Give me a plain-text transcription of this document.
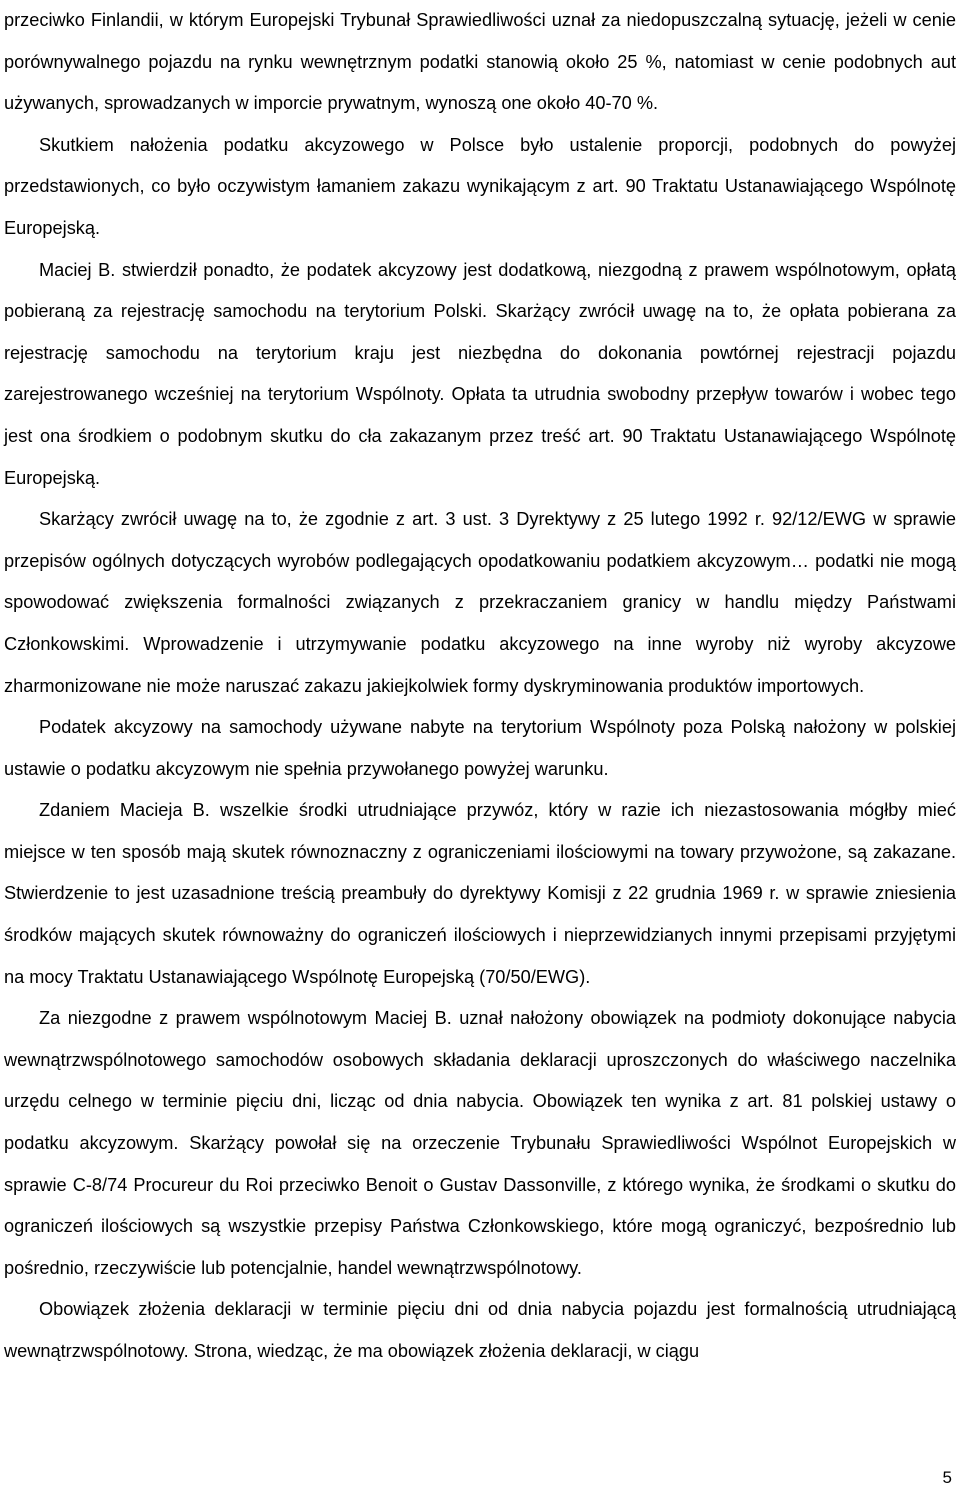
przeciwko Finlandii, w którym Europejski Trybunał Sprawiedliwości uznał za niedopuszczalną sytuację, jeżeli w cenie porównywalnego pojazdu na rynku wewnętrznym podatki stanowią około 25 %, natomiast w cenie podobnych aut używanych, sprowadzanych w imporcie prywatnym, wynoszą one około 40-70 %.

Skutkiem nałożenia podatku akcyzowego w Polsce było ustalenie proporcji, podobnych do powyżej przedstawionych, co było oczywistym łamaniem zakazu wynikającym z art. 90 Traktatu Ustanawiającego Wspólnotę Europejską.

Maciej B. stwierdził ponadto, że podatek akcyzowy jest dodatkową, niezgodną z prawem wspólnotowym, opłatą pobieraną za rejestrację samochodu na terytorium Polski. Skarżący zwrócił uwagę na to, że opłata pobierana za rejestrację samochodu na terytorium kraju jest niezbędna do dokonania powtórnej rejestracji pojazdu zarejestrowanego wcześniej na terytorium Wspólnoty. Opłata ta utrudnia swobodny przepływ towarów i wobec tego jest ona środkiem o podobnym skutku do cła zakazanym przez treść art. 90 Traktatu Ustanawiającego Wspólnotę Europejską.

Skarżący zwrócił uwagę na to, że zgodnie z art. 3 ust. 3 Dyrektywy z 25 lutego 1992 r. 92/12/EWG w sprawie przepisów ogólnych dotyczących wyrobów podlegających opodatkowaniu podatkiem akcyzowym… podatki nie mogą spowodować zwiększenia formalności związanych z przekraczaniem granicy w handlu między Państwami Członkowskimi. Wprowadzenie i utrzymywanie podatku akcyzowego na inne wyroby niż wyroby akcyzowe zharmonizowane nie może naruszać zakazu jakiejkolwiek formy dyskryminowania produktów importowych.

Podatek akcyzowy na samochody używane nabyte na terytorium Wspólnoty poza Polską nałożony w polskiej ustawie o podatku akcyzowym nie spełnia przywołanego powyżej warunku.

Zdaniem Macieja B. wszelkie środki utrudniające przywóz, który w razie ich niezastosowania mógłby mieć miejsce w ten sposób mają skutek równoznaczny z ograniczeniami ilościowymi na towary przywożone, są zakazane. Stwierdzenie to jest uzasadnione treścią preambuły do dyrektywy Komisji z 22 grudnia 1969 r. w sprawie zniesienia środków mających skutek równoważny do ograniczeń ilościowych i nieprzewidzianych innymi przepisami przyjętymi na mocy Traktatu Ustanawiającego Wspólnotę Europejską (70/50/EWG).

Za niezgodne z prawem wspólnotowym Maciej B. uznał nałożony obowiązek na podmioty dokonujące nabycia wewnątrzwspólnotowego samochodów osobowych składania deklaracji uproszczonych do właściwego naczelnika urzędu celnego w terminie pięciu dni, licząc od dnia nabycia. Obowiązek ten wynika z art. 81 polskiej ustawy o podatku akcyzowym. Skarżący powołał się na orzeczenie Trybunału Sprawiedliwości Wspólnot Europejskich w sprawie C-8/74 Procureur du Roi przeciwko Benoit o Gustav Dassonville, z którego wynika, że środkami o skutku do ograniczeń ilościowych są wszystkie przepisy Państwa Członkowskiego, które mogą ograniczyć, bezpośrednio lub pośrednio, rzeczywiście lub potencjalnie, handel wewnątrzwspólnotowy.

Obowiązek złożenia deklaracji w terminie pięciu dni od dnia nabycia pojazdu jest formalnością utrudniającą wewnątrzwspólnotowy. Strona, wiedząc, że ma obowiązek złożenia deklaracji, w ciągu

5
